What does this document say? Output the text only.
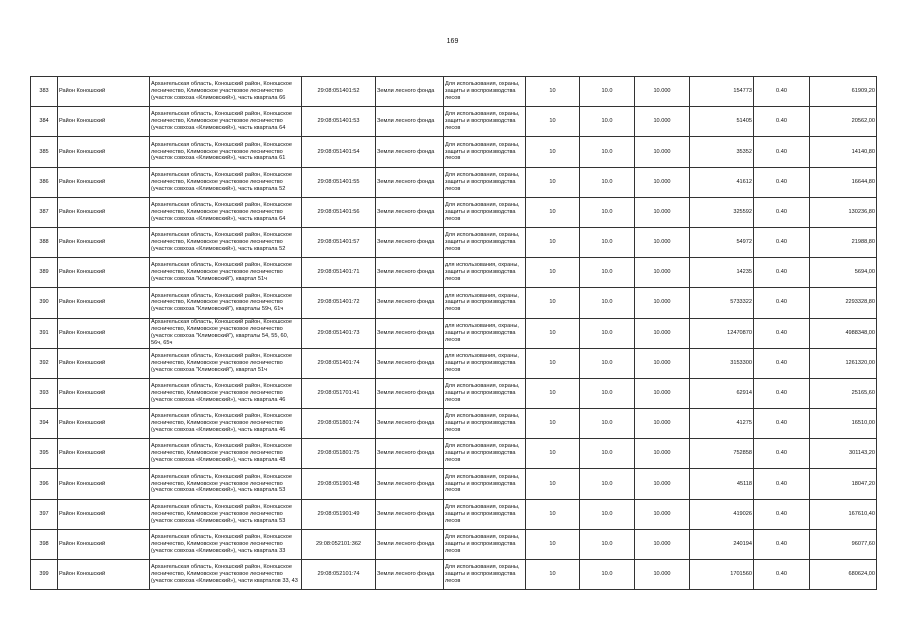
169
383	Район Коношский	Архангельская область, Коношский район, Коношское лесничество, Климовское участковое лесничество (участок совхоза «Климовский»), часть квартала 66	29:08:051401:52	Земли лесного фонда	Для использования, охраны, защиты и воспроизводства лесов	10	10.0	10.000	154773	0.40	61909,20
384	Район Коношский	Архангельская область, Коношский район, Коношское лесничество, Климовское участковое лесничество (участок совхоза «Климовский»), часть квартала 64	29:08:051401:53	Земли лесного фонда	Для использования, охраны, защиты и воспроизводства лесов	10	10.0	10.000	51405	0.40	20562,00
385	Район Коношский	Архангельская область, Коношский район, Коношское лесничество, Климовское участковое лесничество (участок совхоза «Климовский»), часть квартала 61	29:08:051401:54	Земли лесного фонда	Для использования, охраны, защиты и воспроизводства лесов	10	10.0	10.000	35352	0.40	14140,80
386	Район Коношский	Архангельская область, Коношский район, Коношское лесничество, Климовское участковое лесничество (участок совхоза «Климовский»), часть квартала 52	29:08:051401:55	Земли лесного фонда	Для использования, охраны, защиты и воспроизводства лесов	10	10.0	10.000	41612	0.40	16644,80
387	Район Коношский	Архангельская область, Коношский район, Коношское лесничество, Климовское участковое лесничество (участок совхоза «Климовский»), часть квартала 64	29:08:051401:56	Земли лесного фонда	Для использования, охраны, защиты и воспроизводства лесов	10	10.0	10.000	325592	0.40	130236,80
388	Район Коношский	Архангельская область, Коношский район, Коношское лесничество, Климовское участковое лесничество (участок совхоза «Климовский»), часть квартала 52	29:08:051401:57	Земли лесного фонда	Для использования, охраны, защиты и воспроизводства лесов	10	10.0	10.000	54972	0.40	21988,80
389	Район Коношский	Архангельская область, Коношский район, Коношское лесничество, Климовское участковое лесничество (участок совхоза "Климовский"), квартал 51ч	29:08:051401:71	Земли лесного фонда	для использования, охраны, защиты и воспроизводства лесов	10	10.0	10.000	14235	0.40	5694,00
390	Район Коношский	Архангельская область, Коношский район, Коношское лесничество, Климовское участковое лесничество (участок совхоза "Климовский"), кварталы 59ч, 61ч	29:08:051401:72	Земли лесного фонда	для использования, охраны, защиты и воспроизводства лесов	10	10.0	10.000	5733322	0.40	2293328,80
391	Район Коношский	Архангельская область, Коношский район, Коношское лесничество, Климовское участковое лесничество (участок совхоза "Климовский"), кварталы 54, 55, 60, 56ч, 65ч	29:08:051401:73	Земли лесного фонда	для использования, охраны, защиты и воспроизводства лесов	10	10.0	10.000	12470870	0.40	4988348,00
392	Район Коношский	Архангельская область, Коношский район, Коношское лесничество, Климовское участковое лесничество (участок совхоза "Климовский"), квартал 51ч	29:08:051401:74	Земли лесного фонда	для использования, охраны, защиты и воспроизводства лесов	10	10.0	10.000	3153300	0.40	1261320,00
393	Район Коношский	Архангельская область, Коношский район, Коношское лесничество, Климовское участковое лесничество (участок совхоза «Климовский»), часть квартала 46	29:08:051701:41	Земли лесного фонда	Для использования, охраны, защиты и воспроизводства лесов	10	10.0	10.000	62914	0.40	25165,60
394	Район Коношский	Архангельская область, Коношский район, Коношское лесничество, Климовское участковое лесничество (участок совхоза «Климовский»), часть квартала 46	29:08:051801:74	Земли лесного фонда	Для использования, охраны, защиты и воспроизводства лесов	10	10.0	10.000	41275	0.40	16510,00
395	Район Коношский	Архангельская область, Коношский район, Коношское лесничество, Климовское участковое лесничество (участок совхоза «Климовский»), часть квартала 48	29:08:051801:75	Земли лесного фонда	Для использования, охраны, защиты и воспроизводства лесов	10	10.0	10.000	752858	0.40	301143,20
396	Район Коношский	Архангельская область, Коношский район, Коношское лесничество, Климовское участковое лесничество (участок совхоза «Климовский»), часть квартала 53	29:08:051901:48	Земли лесного фонда	Для использования, охраны, защиты и воспроизводства лесов	10	10.0	10.000	45118	0.40	18047,20
397	Район Коношский	Архангельская область, Коношский район, Коношское лесничество, Климовское участковое лесничество (участок совхоза «Климовский»), часть квартала 53	29:08:051901:49	Земли лесного фонда	Для использования, охраны, защиты и воспроизводства лесов	10	10.0	10.000	419026	0.40	167610,40
398	Район Коношский	Архангельская область, Коношский район, Коношское лесничество, Климовское участковое лесничество (участок совхоза «Климовский»), часть квартала 33	29:08:052101:362	Земли лесного фонда	Для использования, охраны, защиты и воспроизводства лесов	10	10.0	10.000	240194	0.40	96077,60
399	Район Коношский	Архангельская область, Коношский район, Коношское лесничество, Климовское участковое лесничество (участок совхоза «Климовский»), части кварталов 33, 43	29:08:052101:74	Земли лесного фонда	Для использования, охраны, защиты и воспроизводства лесов	10	10.0	10.000	1701560	0.40	680624,00
